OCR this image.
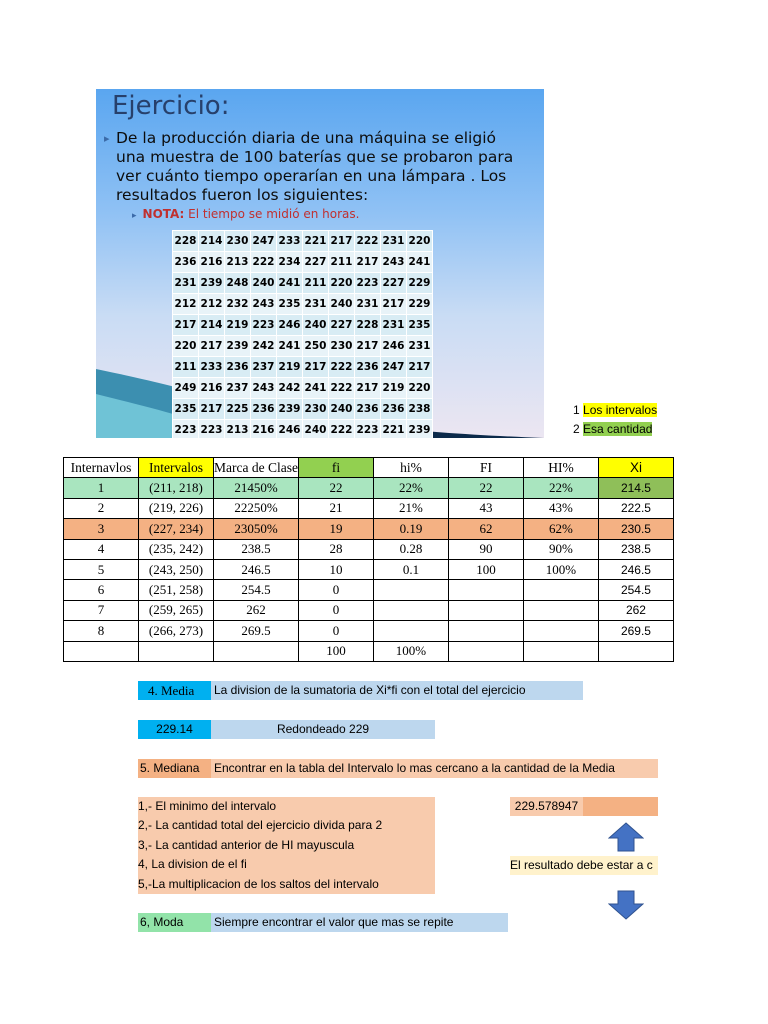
Ejercicio:
▸ De la producción diaria de una máquina se eligió una muestra de 100 baterías que se probaron para ver cuánto tiempo operarían en una lámpara . Los resultados fueron los siguientes:
▸ NOTA: El tiempo se midió en horas.
228	214	230	247	233	221	217	222	231	220
236	216	213	222	234	227	211	217	243	241
231	239	248	240	241	211	220	223	227	229
212	212	232	243	235	231	240	231	217	229
217	214	219	223	246	240	227	228	231	235
220	217	239	242	241	250	230	217	246	231
211	233	236	237	219	217	222	236	247	217
249	216	237	243	242	241	222	217	219	220
235	217	225	236	239	230	240	236	236	238
223	223	213	216	246	240	222	223	221	239
1 Los intervalos
2 Esa cantidad
Internavlos	Intervalos	Marca de Clase	fi	hi%	FI	HI%	Xi
1	(211, 218)	21450%	22	22%	22	22%	214.5
2	(219, 226)	22250%	21	21%	43	43%	222.5
3	(227, 234)	23050%	19	0.19	62	62%	230.5
4	(235, 242)	238.5	28	0.28	90	90%	238.5
5	(243, 250)	246.5	10	0.1	100	100%	246.5
6	(251, 258)	254.5	0				254.5
7	(259, 265)	262	0				262
8	(266, 273)	269.5	0				269.5
			100	100%			
4. Media	La division de la sumatoria de Xi*fi con el total del ejercicio
229.14	Redondeado 229
5. Mediana	Encontrar en la tabla del Intervalo lo mas cercano a la cantidad de la Media
1,- El minimo del intervalo
2,- La cantidad total del ejercicio divida para 2
3,- La cantidad anterior de HI mayuscula
4, La division de el fi
5,-La multiplicacion de los saltos del intervalo
229.578947
El resultado debe estar a c
6, Moda	Siempre encontrar el valor que mas se repite
